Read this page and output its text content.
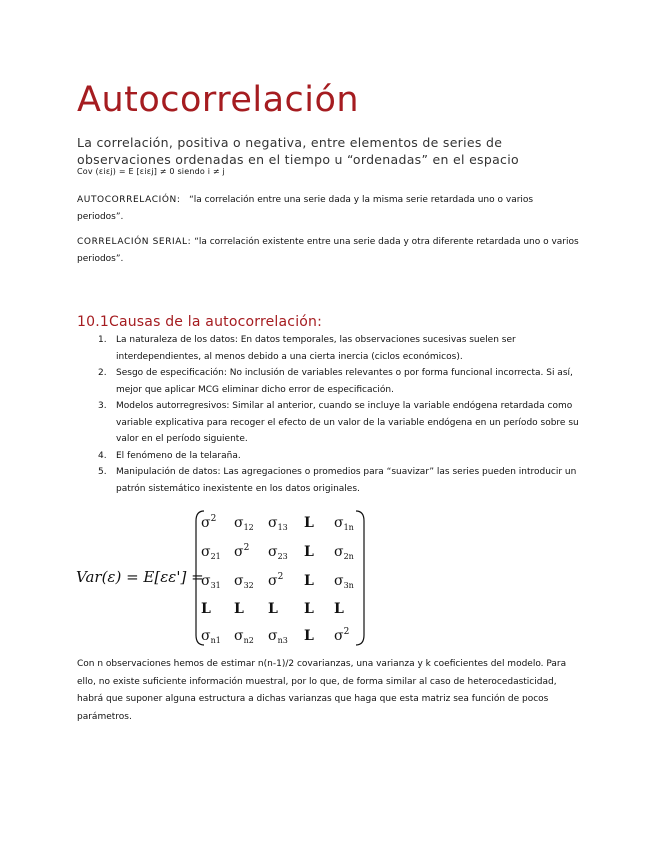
Autocorrelación

La correlación, positiva o negativa, entre elementos de series de observaciones ordenadas en el tiempo u “ordenadas” en el espacio

Cov (εiεj) = E [εiεj] ≠ 0 siendo i ≠ j

AUTOCORRELACIÓN: “la correlación entre una serie dada y la misma serie retardada uno o varios periodos”.

CORRELACIÓN SERIAL: “la correlación existente entre una serie dada y otra diferente retardada uno o varios periodos”.

10.1Causas de la autocorrelación:
1. La naturaleza de los datos: En datos temporales, las observaciones sucesivas suelen ser interdependientes, al menos debido a una cierta inercia (ciclos económicos).
2. Sesgo de especificación: No inclusión de variables relevantes o por forma funcional incorrecta. Si así, mejor que aplicar MCG eliminar dicho error de especificación.
3. Modelos autorregresivos: Similar al anterior, cuando se incluye la variable endógena retardada como variable explicativa para recoger el efecto de un valor de la variable endógena en un período sobre su valor en el período siguiente.
4. El fenómeno de la telaraña.
5. Manipulación de datos: Las agregaciones o promedios para “suavizar” las series pueden introducir un patrón sistemático inexistente en los datos originales.
Var(ε) = E[εε'] =
$\sigma^2$ $\sigma_{12}$ $\sigma_{13}$ L $\sigma_{1n}$
$\sigma_{21}$ $\sigma^2$ $\sigma_{23}$ L $\sigma_{2n}$
$\sigma_{31}$ $\sigma_{32}$ $\sigma^2$ L $\sigma_{3n}$
L L L L L
$\sigma_{n1}$ $\sigma_{n2}$ $\sigma_{n3}$ L $\sigma^2$

Con n observaciones hemos de estimar n(n-1)/2 covarianzas, una varianza y k coeficientes del modelo. Para ello, no existe suficiente información muestral, por lo que, de forma similar al caso de heterocedasticidad, habrá que suponer alguna estructura a dichas varianzas que haga que esta matriz sea función de pocos parámetros.
